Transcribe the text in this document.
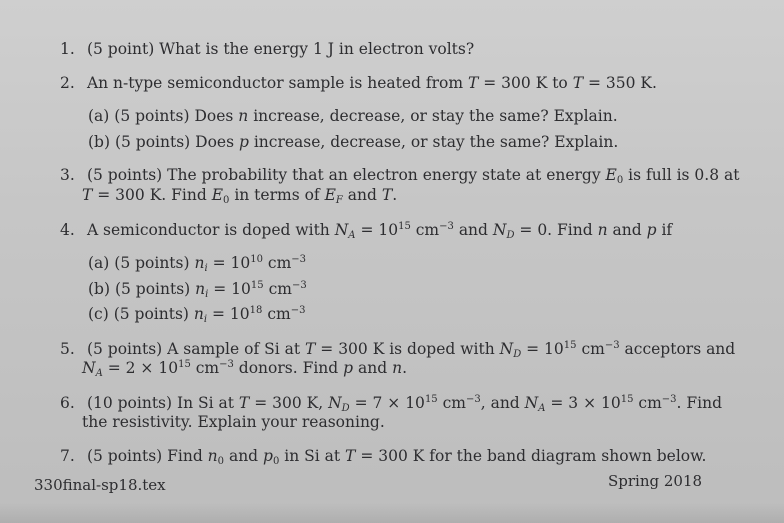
1. (5 point) What is the energy 1 J in electron volts?
2. An n-type semiconductor sample is heated from T = 300 K to T = 350 K.
(a) (5 points) Does n increase, decrease, or stay the same? Explain.
(b) (5 points) Does p increase, decrease, or stay the same? Explain.
3. (5 points) The probability that an electron energy state at energy $E_0$ is full is 0.8 at
T = 300 K. Find $E_0$ in terms of $E_F$ and T.
4. A semiconductor is doped with $N_A = 10^{15}$ $cm^{-3}$ and $N_D = 0$. Find n and p if
(a) (5 points) $n_i = 10^{10}$ $cm^{-3}$
(b) (5 points) $n_i = 10^{15}$ $cm^{-3}$
(c) (5 points) $n_i = 10^{18}$ $cm^{-3}$
5. (5 points) A sample of Si at T = 300 K is doped with $N_D = 10^{15}$ $cm^{-3}$ acceptors and
$N_A = 2 \times 10^{15}$ $cm^{-3}$ donors. Find p and n.
6. (10 points) In Si at T = 300 K, $N_D = 7 \times 10^{15}$ $cm^{-3}$, and $N_A = 3 \times 10^{15}$ $cm^{-3}$. Find
the resistivity. Explain your reasoning.
7. (5 points) Find $n_0$ and $p_0$ in Si at T = 300 K for the band diagram shown below.
330final-sp18.tex	Spring 2018
